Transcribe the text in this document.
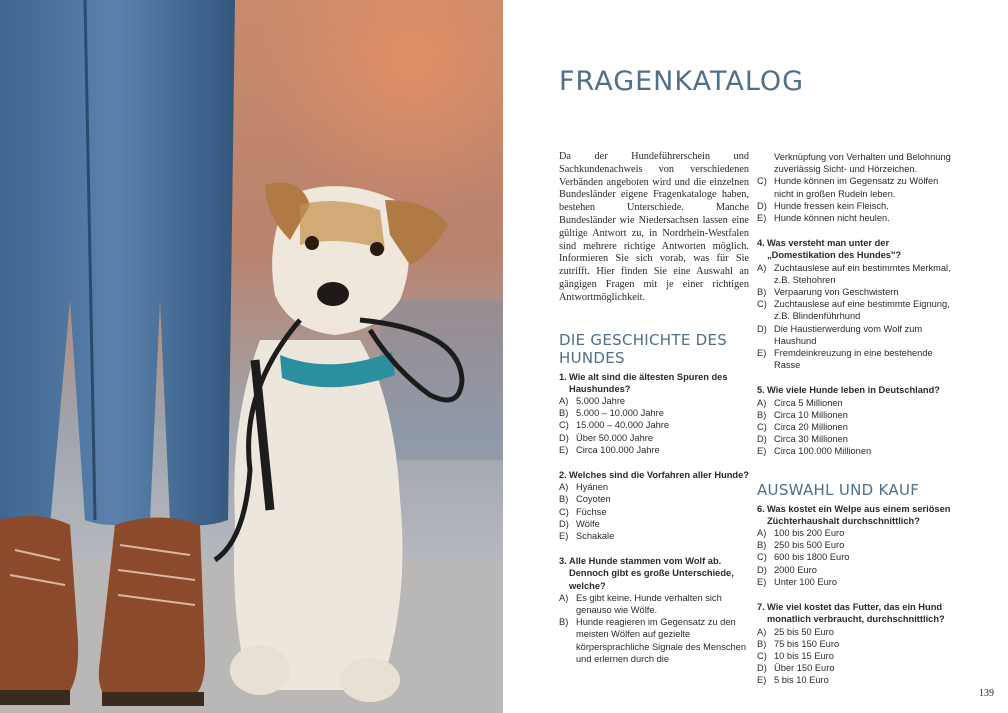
FRAGENKATALOG

Da der Hundeführerschein und Sachkundenachweis von verschiedenen Verbänden angeboten wird und die einzelnen Bundesländer eigene Fragenkataloge haben, bestehen Unterschiede. Manche Bundesländer wie Niedersachsen lassen eine gültige Antwort zu, in Nordrhein-Westfalen sind mehrere richtige Antworten möglich. Informieren Sie sich vorab, was für Sie zutrifft. Hier finden Sie eine Auswahl an gängigen Fragen mit je einer richtigen Antwortmöglichkeit.

DIE GESCHICHTE DES HUNDES
1. Wie alt sind die ältesten Spuren des Haushundes?
A) 5.000 Jahre
B) 5.000 – 10.000 Jahre
C) 15.000 – 40.000 Jahre
D) Über 50.000 Jahre
E) Circa 100.000 Jahre
2. Welches sind die Vorfahren aller Hunde?
A) Hyänen
B) Coyoten
C) Füchse
D) Wölfe
E) Schakale
3. Alle Hunde stammen vom Wolf ab. Dennoch gibt es große Unterschiede, welche?
A) Es gibt keine. Hunde verhalten sich genauso wie Wölfe.
B) Hunde reagieren im Gegensatz zu den meisten Wölfen auf gezielte körpersprachliche Signale des Menschen und erlernen durch die
Verknüpfung von Verhalten und Belohnung zuverlässig Sicht- und Hörzeichen.
C) Hunde können im Gegensatz zu Wölfen nicht in großen Rudeln leben.
D) Hunde fressen kein Fleisch.
E) Hunde können nicht heulen.
4. Was versteht man unter der „Domestikation des Hundes"?
A) Zuchtauslese auf ein bestimmtes Merkmal, z.B. Stehohren
B) Verpaarung von Geschwistern
C) Zuchtauslese auf eine bestimmte Eignung, z.B. Blindenführhund
D) Die Haustierwerdung vom Wolf zum Haushund
E) Fremdeinkreuzung in eine bestehende Rasse
5. Wie viele Hunde leben in Deutschland?
A) Circa 5 Millionen
B) Circa 10 Millionen
C) Circa 20 Millionen
D) Circa 30 Millionen
E) Circa 100.000 Millionen
AUSWAHL UND KAUF
6. Was kostet ein Welpe aus einem seriösen Züchterhaushalt durchschnittlich?
A) 100 bis 200 Euro
B) 250 bis 500 Euro
C) 600 bis 1800 Euro
D) 2000 Euro
E) Unter 100 Euro
7. Wie viel kostet das Futter, das ein Hund monatlich verbraucht, durchschnittlich?
A) 25 bis 50 Euro
B) 75 bis 150 Euro
C) 10 bis 15 Euro
D) Über 150 Euro
E) 5 bis 10 Euro
139
